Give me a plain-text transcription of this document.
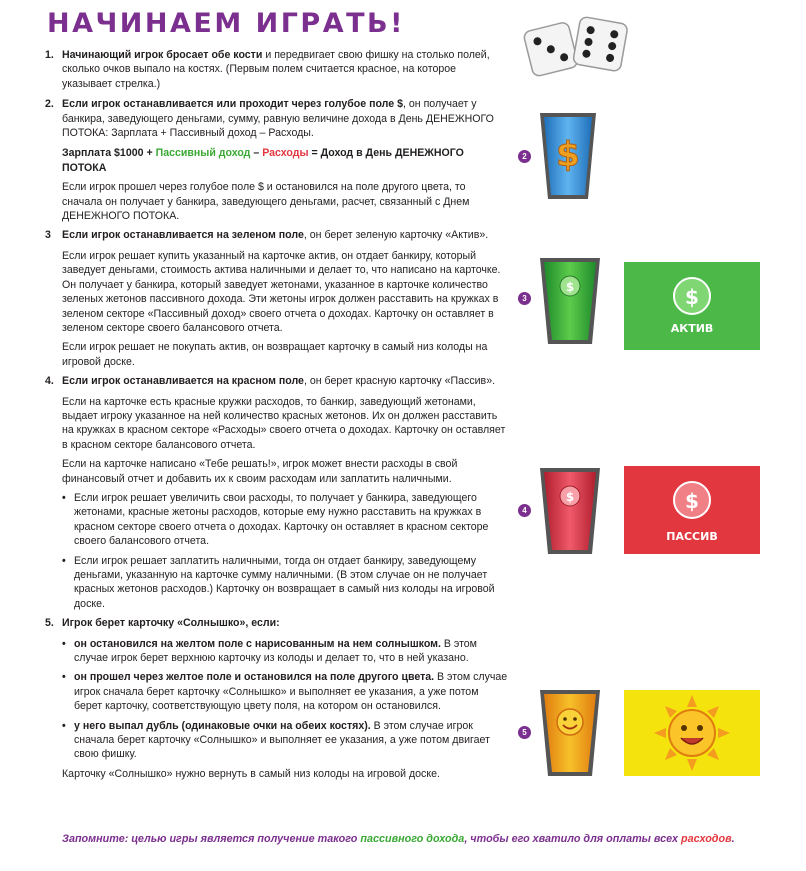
НАЧИНАЕМ ИГРАТЬ!
1. Начинающий игрок бросает обе кости и передвигает свою фишку на столько полей, сколько очков выпало на костях. (Первым полем считается красное, на которое указывает стрелка.)
2. Если игрок останавливается или проходит через голубое поле $, он получает у банкира, заведующего деньгами, сумму, равную величине дохода в День ДЕНЕЖНОГО ПОТОКА: Зарплата + Пассивный доход – Расходы.
Зарплата $1000 + Пассивный доход – Расходы = Доход в День ДЕНЕЖНОГО ПОТОКА
Если игрок прошел через голубое поле $ и остановился на поле другого цвета, то сначала он получает у банкира, заведующего деньгами, расчет, связанный с Днем ДЕНЕЖНОГО ПОТОКА.
3 Если игрок останавливается на зеленом поле, он берет зеленую карточку «Актив».
Если игрок решает купить указанный на карточке актив, он отдает банкиру, который заведует деньгами, стоимость актива наличными и делает то, что написано на карточке. Он получает у банкира, который заведует жетонами, указанное в карточке количество зеленых жетонов пассивного дохода. Эти жетоны игрок должен расставить на кружках в зеленом секторе «Пассивный доход» своего отчета о доходах. Карточку он оставляет в зеленом секторе своего балансового отчета.
Если игрок решает не покупать актив, он возвращает карточку в самый низ колоды на игровой доске.
4. Если игрок останавливается на красном поле, он берет красную карточку «Пассив».
Если на карточке есть красные кружки расходов, то банкир, заведующий жетонами, выдает игроку указанное на ней количество красных жетонов. Их он должен расставить на кружках в красном секторе «Расходы» своего отчета о доходах. Карточку он оставляет в красном секторе балансового отчета.
Если на карточке написано «Тебе решать!», игрок может внести расходы в свой финансовый отчет и добавить их к своим расходам или заплатить наличными.
• Если игрок решает увеличить свои расходы, то получает у банкира, заведующего жетонами, красные жетоны расходов, которые ему нужно расставить на кружках в красном секторе своего отчета о доходах. Карточку он оставляет в красном секторе своего балансового отчета.
• Если игрок решает заплатить наличными, тогда он отдает банкиру, заведующему деньгами, указанную на карточке сумму наличными. (В этом случае он не получает красных жетонов расходов.) Карточку он возвращает в самый низ колоды на игровой доске.
5. Игрок берет карточку «Солнышко», если:
• он остановился на желтом поле с нарисованным на нем солнышком. В этом случае игрок берет верхнюю карточку из колоды и делает то, что в ней указано.
• он прошел через желтое поле и остановился на поле другого цвета. В этом случае игрок сначала берет карточку «Солнышко» и выполняет ее указания, а уже потом берет карточку, соответствующую цвету поля, на котором он остановился.
• у него выпал дубль (одинаковые очки на обеих костях). В этом случае игрок сначала берет карточку «Солнышко» и выполняет ее указания, а уже потом двигает свою фишку.
Карточку «Солнышко» нужно вернуть в самый низ колоды на игровой доске.
2 $
3
$	$
АКТИВ
4
$	$
ПАССИВ
5
Запомните: целью игры является получение такого пассивного дохода, чтобы его хватило для оплаты всех расходов.
